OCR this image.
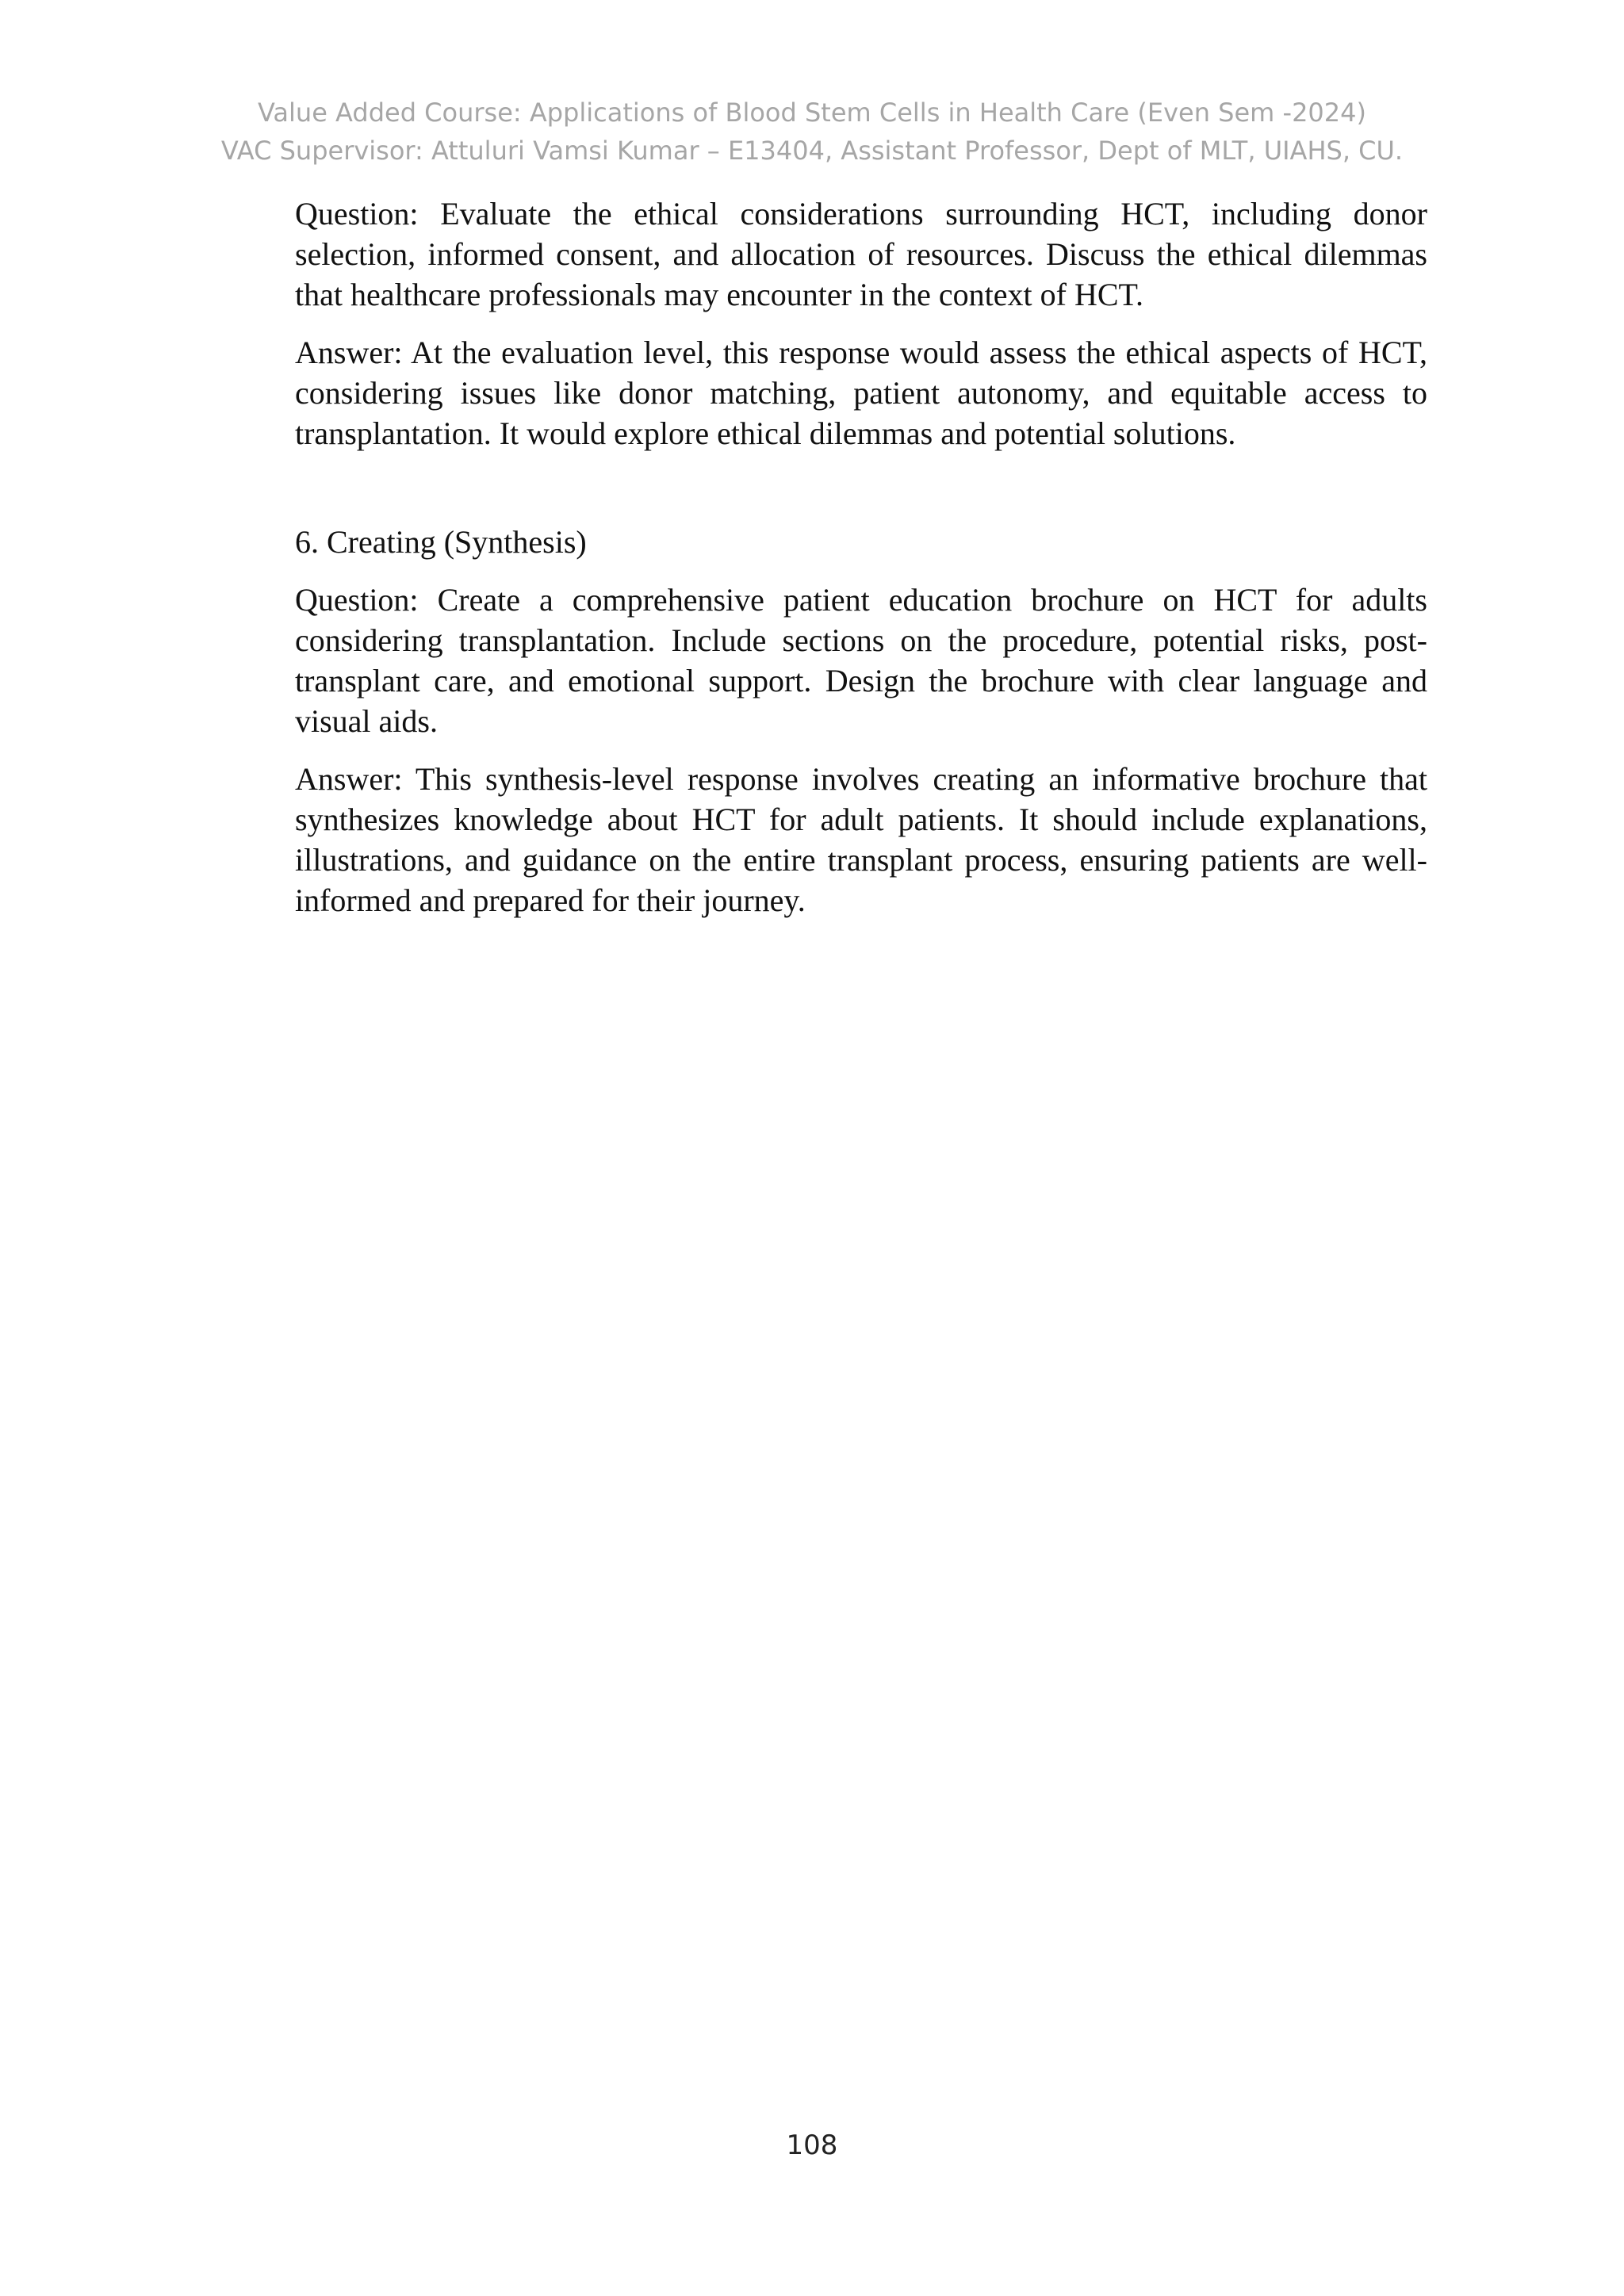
Value Added Course: Applications of Blood Stem Cells in Health Care (Even Sem -2024)
VAC Supervisor: Attuluri Vamsi Kumar – E13404, Assistant Professor, Dept of MLT, UIAHS, CU.

Question: Evaluate the ethical considerations surrounding HCT, including donor selection, informed consent, and allocation of resources. Discuss the ethical dilemmas that healthcare professionals may encounter in the context of HCT.

Answer: At the evaluation level, this response would assess the ethical aspects of HCT, considering issues like donor matching, patient autonomy, and equitable access to transplantation. It would explore ethical dilemmas and potential solutions.

6. Creating (Synthesis)

Question: Create a comprehensive patient education brochure on HCT for adults considering transplantation. Include sections on the procedure, potential risks, post-transplant care, and emotional support. Design the brochure with clear language and visual aids.

Answer: This synthesis-level response involves creating an informative brochure that synthesizes knowledge about HCT for adult patients. It should include explanations, illustrations, and guidance on the entire transplant process, ensuring patients are well-informed and prepared for their journey.

108
